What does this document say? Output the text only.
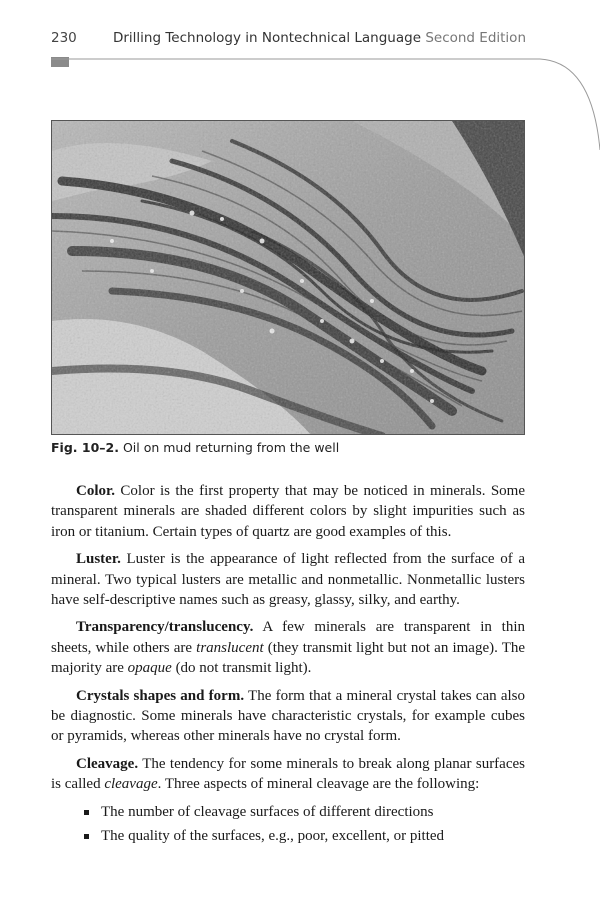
230	Drilling Technology in Nontechnical Language Second Edition
Fig. 10–2. Oil on mud returning from the well

Color. Color is the first property that may be noticed in minerals. Some transparent minerals are shaded different colors by slight impurities such as iron or titanium. Certain types of quartz are good examples of this.

Luster. Luster is the appearance of light reflected from the surface of a mineral. Two typical lusters are metallic and nonmetallic. Nonmetallic lusters have self-descriptive names such as greasy, glassy, silky, and earthy.

Transparency/translucency. A few minerals are transparent in thin sheets, while others are translucent (they transmit light but not an image). The majority are opaque (do not transmit light).

Crystals shapes and form. The form that a mineral crystal takes can also be diagnostic. Some minerals have characteristic crystals, for example cubes or pyramids, whereas other minerals have no crystal form.

Cleavage. The tendency for some minerals to break along planar surfaces is called cleavage. Three aspects of mineral cleavage are the following:

The number of cleavage surfaces of different directions
The quality of the surfaces, e.g., poor, excellent, or pitted
